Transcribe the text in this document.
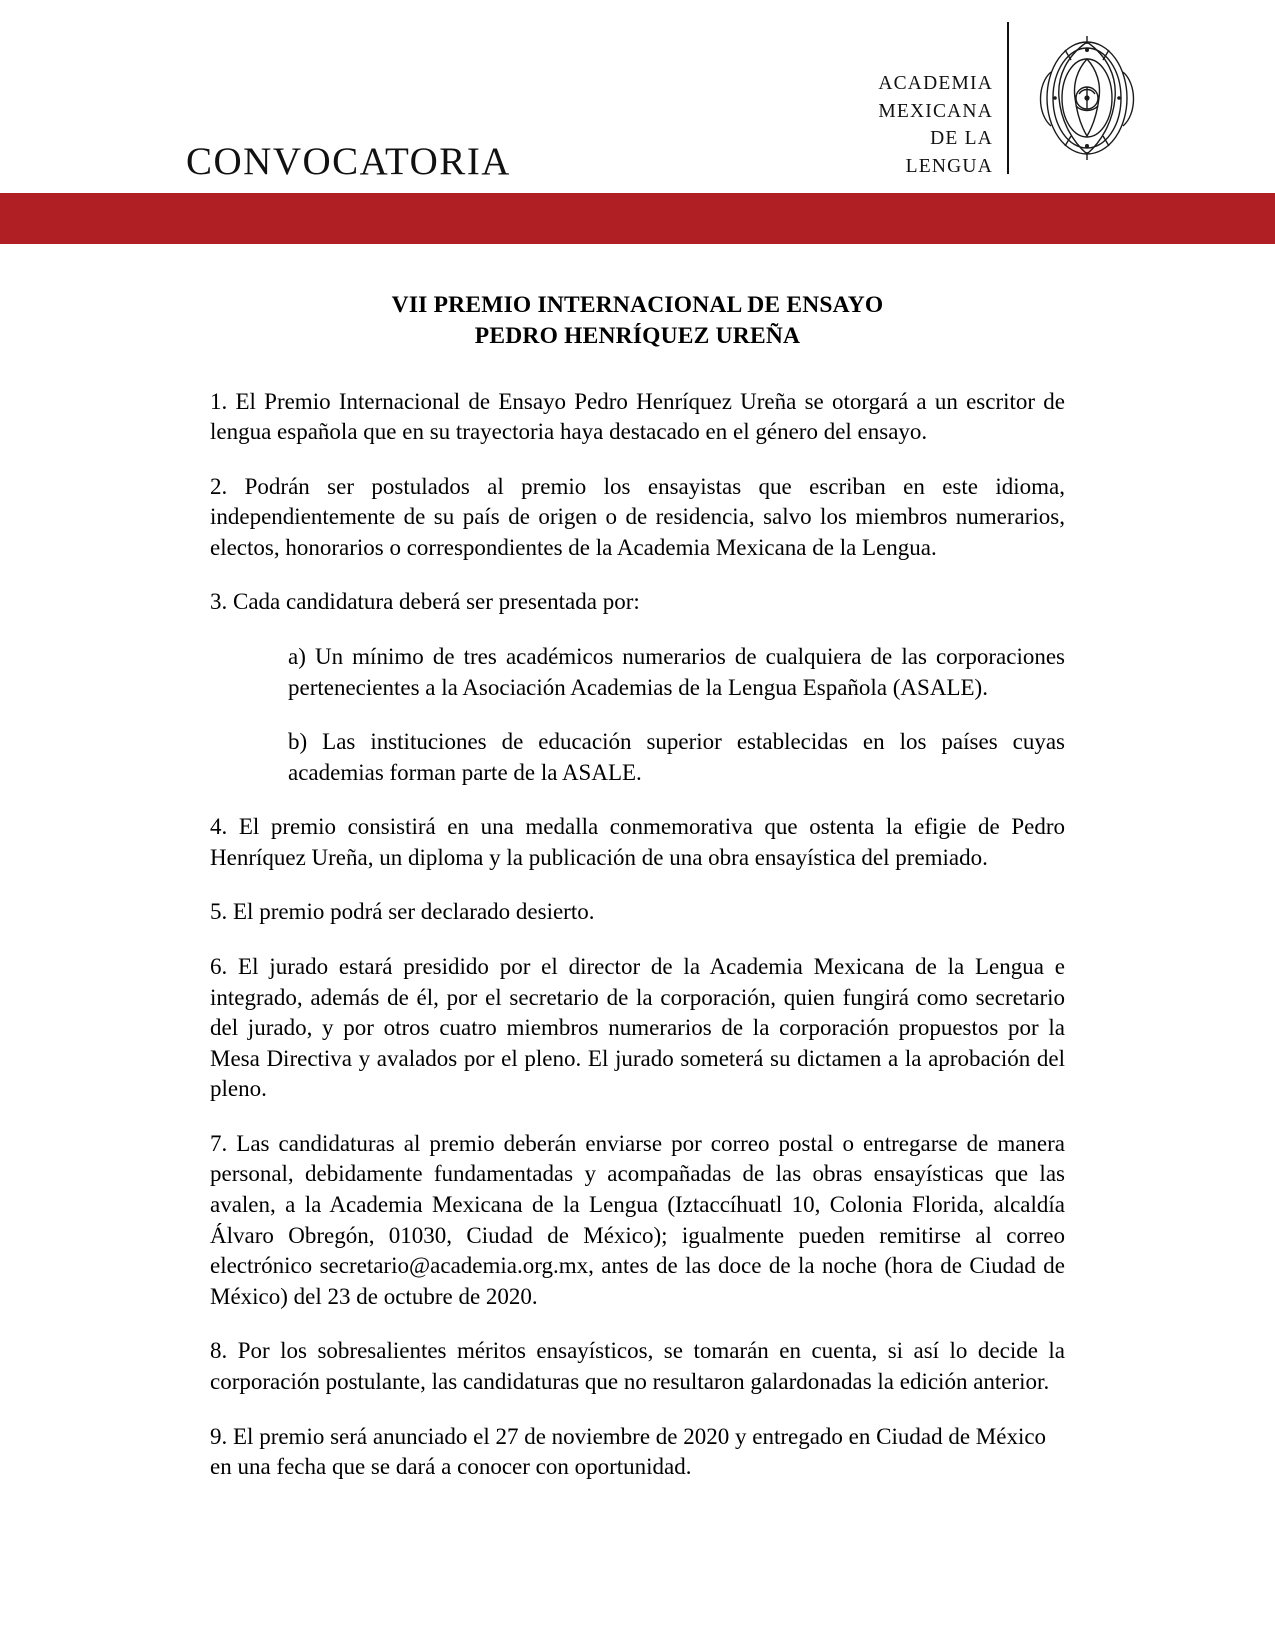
CONVOCATORIA
ACADEMIA
MEXICANA
DE LA
LENGUA
VII PREMIO INTERNACIONAL DE ENSAYO
PEDRO HENRÍQUEZ UREÑA

1. El Premio Internacional de Ensayo Pedro Henríquez Ureña se otorgará a un escritor de lengua española que en su trayectoria haya destacado en el género del ensayo.

2. Podrán ser postulados al premio los ensayistas que escriban en este idioma, independientemente de su país de origen o de residencia, salvo los miembros numerarios, electos, honorarios o correspondientes de la Academia Mexicana de la Lengua.

3. Cada candidatura deberá ser presentada por:

a) Un mínimo de tres académicos numerarios de cualquiera de las corporaciones pertenecientes a la Asociación Academias de la Lengua Española (ASALE).

b) Las instituciones de educación superior establecidas en los países cuyas academias forman parte de la ASALE.

4. El premio consistirá en una medalla conmemorativa que ostenta la efigie de Pedro Henríquez Ureña, un diploma y la publicación de una obra ensayística del premiado.

5. El premio podrá ser declarado desierto.

6. El jurado estará presidido por el director de la Academia Mexicana de la Lengua e integrado, además de él, por el secretario de la corporación, quien fungirá como secretario del jurado, y por otros cuatro miembros numerarios de la corporación propuestos por la Mesa Directiva y avalados por el pleno. El jurado someterá su dictamen a la aprobación del pleno.

7. Las candidaturas al premio deberán enviarse por correo postal o entregarse de manera personal, debidamente fundamentadas y acompañadas de las obras ensayísticas que las avalen, a la Academia Mexicana de la Lengua (Iztaccíhuatl 10, Colonia Florida, alcaldía Álvaro Obregón, 01030, Ciudad de México); igualmente pueden remitirse al correo electrónico secretario@academia.org.mx, antes de las doce de la noche (hora de Ciudad de México) del 23 de octubre de 2020.

8. Por los sobresalientes méritos ensayísticos, se tomarán en cuenta, si así lo decide la corporación postulante, las candidaturas que no resultaron galardonadas la edición anterior.

9. El premio será anunciado el 27 de noviembre de 2020 y entregado en Ciudad de México en una fecha que se dará a conocer con oportunidad.
